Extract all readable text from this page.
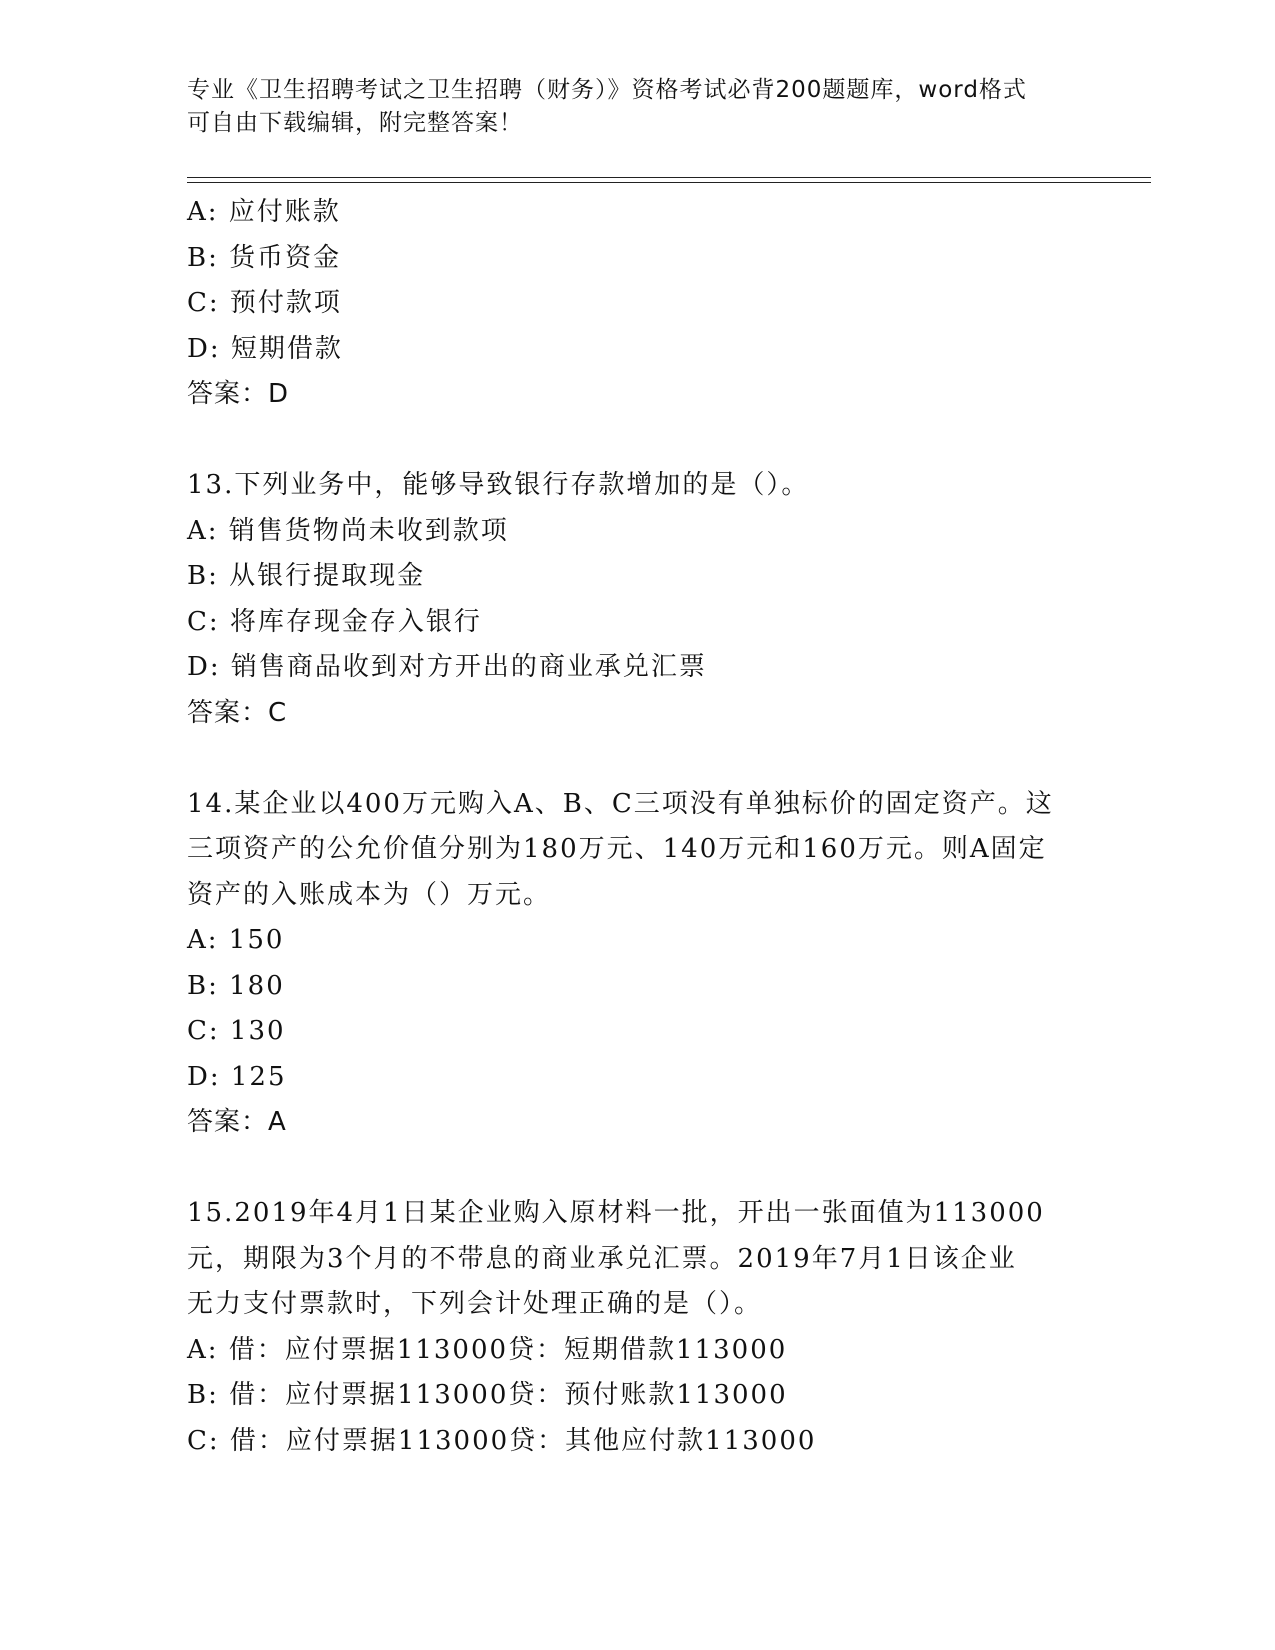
专业《卫生招聘考试之卫生招聘（财务）》资格考试必背200题题库，word格式
可自由下载编辑，附完整答案！
A: 应付账款
B: 货币资金
C: 预付款项
D: 短期借款
答案：D
13.下列业务中，能够导致银行存款增加的是（）。
A: 销售货物尚未收到款项
B: 从银行提取现金
C: 将库存现金存入银行
D: 销售商品收到对方开出的商业承兑汇票
答案：C
14.某企业以400万元购入A、B、C三项没有单独标价的固定资产。这
三项资产的公允价值分别为180万元、140万元和160万元。则A固定
资产的入账成本为（）万元。
A: 150
B: 180
C: 130
D: 125
答案：A
15.2019年4月1日某企业购入原材料一批，开出一张面值为113000
元，期限为3个月的不带息的商业承兑汇票。2019年7月1日该企业
无力支付票款时，下列会计处理正确的是（）。
A: 借：应付票据113000贷：短期借款113000
B: 借：应付票据113000贷：预付账款113000
C: 借：应付票据113000贷：其他应付款113000
